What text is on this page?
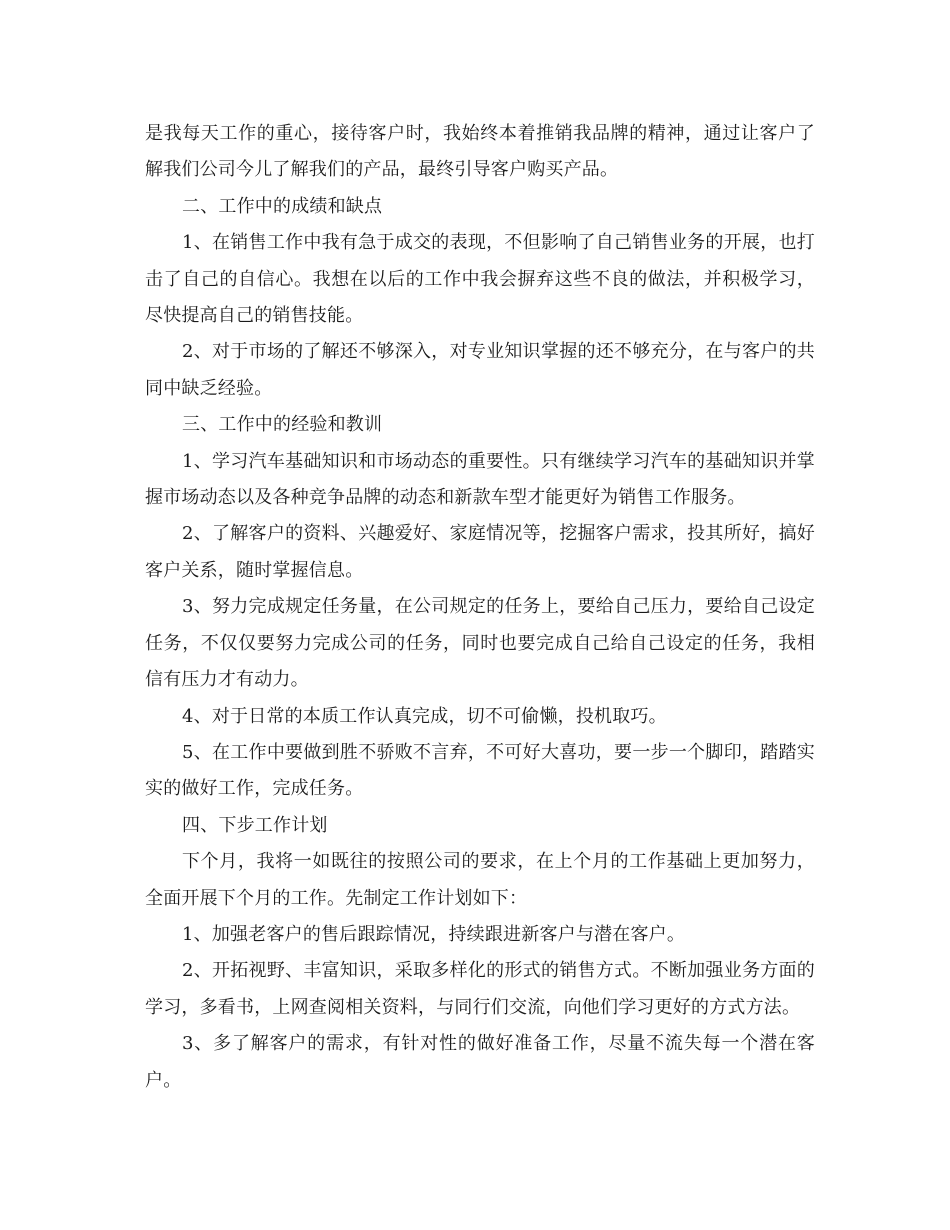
是我每天工作的重心，接待客户时，我始终本着推销我品牌的精神，通过让客户了解我们公司今儿了解我们的产品，最终引导客户购买产品。

二、工作中的成绩和缺点

1、在销售工作中我有急于成交的表现，不但影响了自己销售业务的开展，也打击了自己的自信心。我想在以后的工作中我会摒弃这些不良的做法，并积极学习，尽快提高自己的销售技能。

2、对于市场的了解还不够深入，对专业知识掌握的还不够充分，在与客户的共同中缺乏经验。

三、工作中的经验和教训

1、学习汽车基础知识和市场动态的重要性。只有继续学习汽车的基础知识并掌握市场动态以及各种竞争品牌的动态和新款车型才能更好为销售工作服务。

2、了解客户的资料、兴趣爱好、家庭情况等，挖掘客户需求，投其所好，搞好客户关系，随时掌握信息。

3、努力完成规定任务量，在公司规定的任务上，要给自己压力，要给自己设定任务，不仅仅要努力完成公司的任务，同时也要完成自己给自己设定的任务，我相信有压力才有动力。

4、对于日常的本质工作认真完成，切不可偷懒，投机取巧。

5、在工作中要做到胜不骄败不言弃，不可好大喜功，要一步一个脚印，踏踏实实的做好工作，完成任务。

四、下步工作计划

下个月，我将一如既往的按照公司的要求，在上个月的工作基础上更加努力，全面开展下个月的工作。先制定工作计划如下：

1、加强老客户的售后跟踪情况，持续跟进新客户与潜在客户。

2、开拓视野、丰富知识，采取多样化的形式的销售方式。不断加强业务方面的学习，多看书，上网查阅相关资料，与同行们交流，向他们学习更好的方式方法。

3、多了解客户的需求，有针对性的做好准备工作，尽量不流失每一个潜在客户。
